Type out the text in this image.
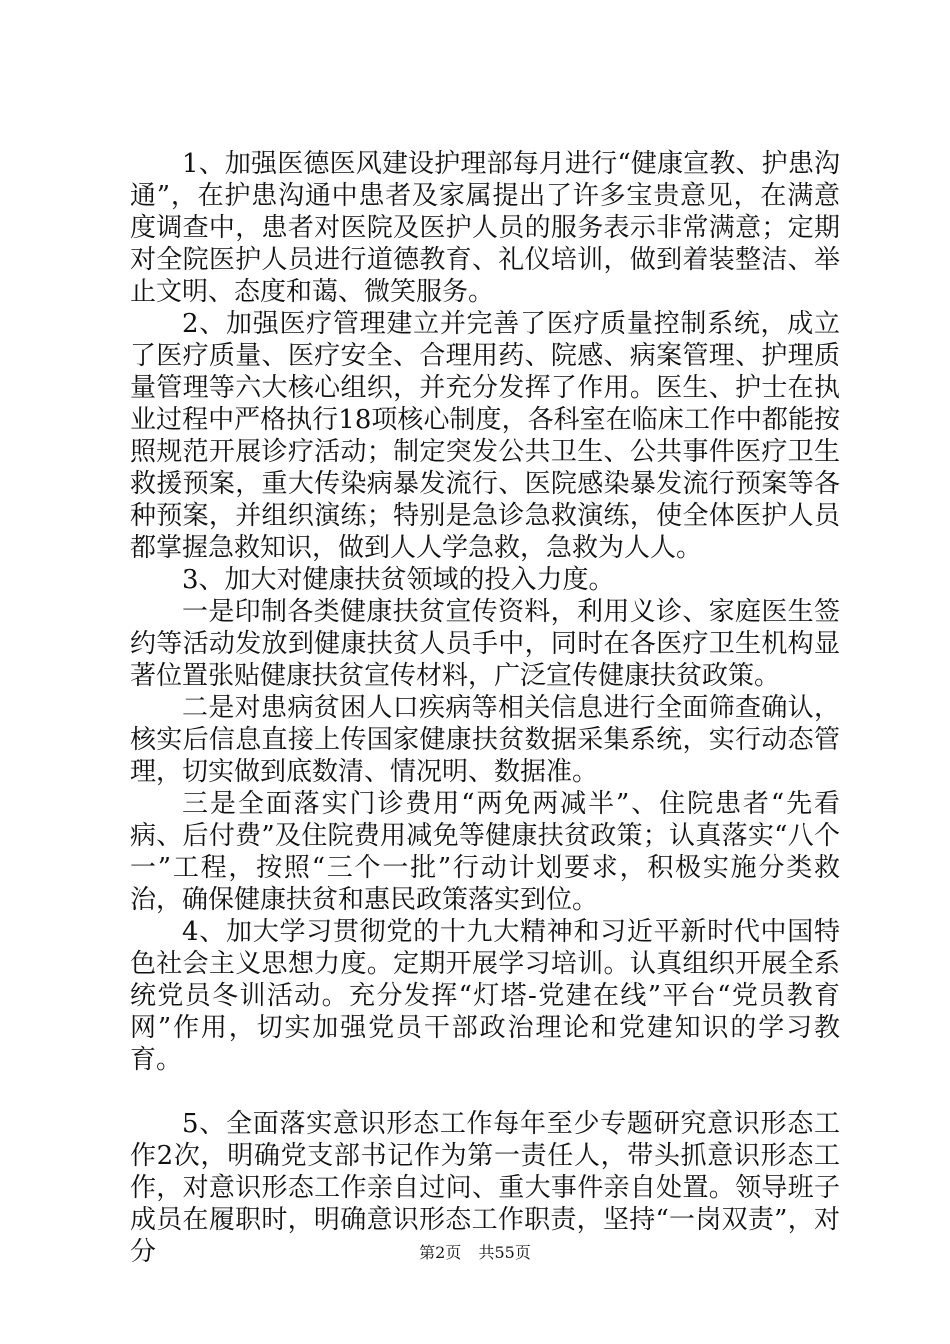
1、加强医德医风建设护理部每月进行“健康宣教、护患沟通”，在护患沟通中患者及家属提出了许多宝贵意见，在满意度调查中，患者对医院及医护人员的服务表示非常满意；定期对全院医护人员进行道德教育、礼仪培训，做到着装整洁、举止文明、态度和蔼、微笑服务。

2、加强医疗管理建立并完善了医疗质量控制系统，成立了医疗质量、医疗安全、合理用药、院感、病案管理、护理质量管理等六大核心组织，并充分发挥了作用。医生、护士在执业过程中严格执行18项核心制度，各科室在临床工作中都能按照规范开展诊疗活动；制定突发公共卫生、公共事件医疗卫生救援预案，重大传染病暴发流行、医院感染暴发流行预案等各种预案，并组织演练；特别是急诊急救演练，使全体医护人员都掌握急救知识，做到人人学急救，急救为人人。

3、加大对健康扶贫领域的投入力度。

一是印制各类健康扶贫宣传资料，利用义诊、家庭医生签约等活动发放到健康扶贫人员手中，同时在各医疗卫生机构显著位置张贴健康扶贫宣传材料，广泛宣传健康扶贫政策。

二是对患病贫困人口疾病等相关信息进行全面筛查确认，核实后信息直接上传国家健康扶贫数据采集系统，实行动态管理，切实做到底数清、情况明、数据准。

三是全面落实门诊费用“两免两减半”、住院患者“先看病、后付费”及住院费用减免等健康扶贫政策；认真落实“八个一”工程，按照“三个一批”行动计划要求，积极实施分类救治，确保健康扶贫和惠民政策落实到位。

4、加大学习贯彻党的十九大精神和习近平新时代中国特色社会主义思想力度。定期开展学习培训。认真组织开展全系统党员冬训活动。充分发挥“灯塔-党建在线”平台“党员教育网”作用，切实加强党员干部政治理论和党建知识的学习教育。

5、全面落实意识形态工作每年至少专题研究意识形态工作2次，明确党支部书记作为第一责任人，带头抓意识形态工作，对意识形态工作亲自过问、重大事件亲自处置。领导班子成员在履职时，明确意识形态工作职责，坚持“一岗双责”，对分	第2页 共55页
